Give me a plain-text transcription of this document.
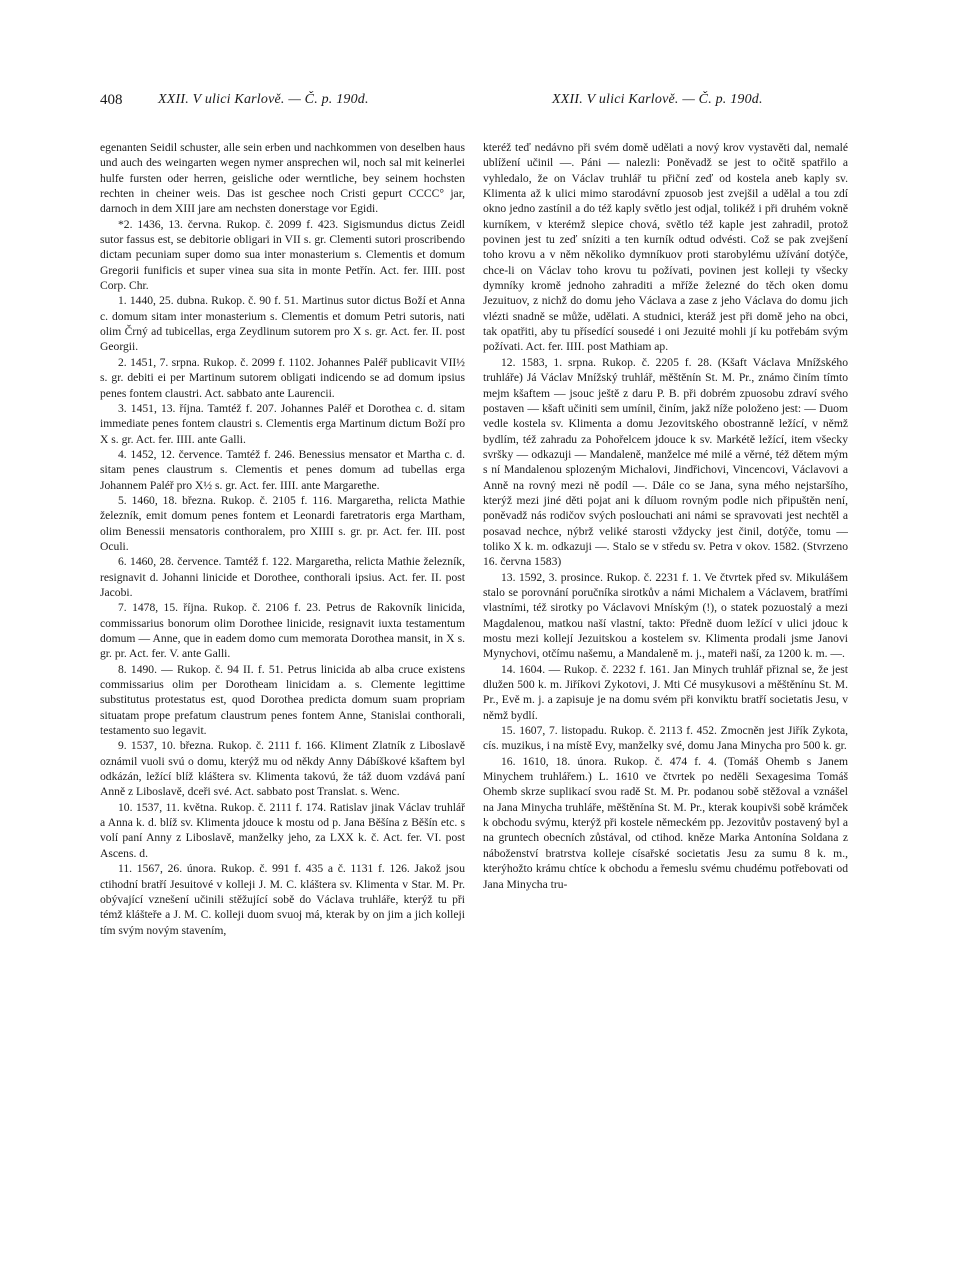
408	XXII. V ulici Karlově. — Č. p. 190d.	XXII. V ulici Karlově. — Č. p. 190d.

egenanten Seidil schuster, alle sein erben und nachkommen von deselben haus und auch des weingarten wegen nymer ansprechen wil, noch sal mit keinerlei hulfe fursten oder herren, geisliche oder werntliche, bey seinem hochsten rechten in cheiner weis. Das ist geschee noch Cristi gepurt CCCC° jar, darnoch in dem XIII jare am nechsten donerstage vor Egidi.

*2. 1436, 13. června. Rukop. č. 2099 f. 423. Sigismundus dictus Zeidl sutor fassus est, se debitorie obligari in VII s. gr. Clementi sutori proscribendo dictam pecuniam super domo sua inter monasterium s. Clementis et domum Gregorii funificis et super vinea sua sita in monte Petřín. Act. fer. IIII. post Corp. Chr.

1. 1440, 25. dubna. Rukop. č. 90 f. 51. Martinus sutor dictus Boží et Anna c. domum sitam inter monasterium s. Clementis et domum Petri sutoris, nati olim Črný ad tubicellas, erga Zeydlinum sutorem pro X s. gr. Act. fer. II. post Georgii.

2. 1451, 7. srpna. Rukop. č. 2099 f. 1102. Johannes Paléř publicavit VII½ s. gr. debiti ei per Martinum sutorem obligati indicendo se ad domum ipsius penes fontem claustri. Act. sabbato ante Laurencii.

3. 1451, 13. října. Tamtéž f. 207. Johannes Paléř et Dorothea c. d. sitam immediate penes fontem claustri s. Clementis erga Martinum dictum Boží pro X s. gr. Act. fer. IIII. ante Galli.

4. 1452, 12. července. Tamtéž f. 246. Benessius mensator et Martha c. d. sitam penes claustrum s. Clementis et penes domum ad tubellas erga Johannem Paléř pro X½ s. gr. Act. fer. IIII. ante Margarethe.

5. 1460, 18. března. Rukop. č. 2105 f. 116. Margaretha, relicta Mathie železník, emit domum penes fontem et Leonardi faretratoris erga Martham, olim Benessii mensatoris conthoralem, pro XIIII s. gr. pr. Act. fer. III. post Oculi.

6. 1460, 28. července. Tamtéž f. 122. Margaretha, relicta Mathie železník, resignavit d. Johanni linicide et Dorothee, conthorali ipsius. Act. fer. II. post Jacobi.

7. 1478, 15. října. Rukop. č. 2106 f. 23. Petrus de Rakovník linicida, commissarius bonorum olim Dorothee linicide, resignavit iuxta testamentum domum — Anne, que in eadem domo cum memorata Dorothea mansit, in X s. gr. pr. Act. fer. V. ante Galli.

8. 1490. — Rukop. č. 94 II. f. 51. Petrus linicida ab alba cruce existens commissarius olim per Dorotheam linicidam a. s. Clemente legittime substitutus protestatus est, quod Dorothea predicta domum suam propriam situatam prope prefatum claustrum penes fontem Anne, Stanislai conthorali, testamento suo legavit.

9. 1537, 10. března. Rukop. č. 2111 f. 166. Kliment Zlatník z Liboslavě oznámil vuoli svú o domu, kterýž mu od někdy Anny Dábíškové kšaftem byl odkázán, ležící blíž kláštera sv. Klimenta takovú, že táž duom vzdává paní Anně z Liboslavě, dceři své. Act. sabbato post Translat. s. Wenc.

10. 1537, 11. května. Rukop. č. 2111 f. 174. Ratislav jinak Václav truhlář a Anna k. d. blíž sv. Klimenta jdouce k mostu od p. Jana Běšína z Běšín etc. s volí paní Anny z Liboslavě, manželky jeho, za LXX k. č. Act. fer. VI. post Ascens. d.

11. 1567, 26. února. Rukop. č. 991 f. 435 a č. 1131 f. 126. Jakož jsou ctihodní bratří Jesuitové v kolleji J. M. C. kláštera sv. Klimenta v Star. M. Pr. obývající vznešení učinili stěžující sobě do Václava truhláře, kterýž tu při témž klášteře a J. M. C. kolleji duom svuoj má, kterak by on jim a jich kolleji tím svým novým stavením,

kteréž teď nedávno při svém domě udělati a nový krov vystavěti dal, nemalé ublížení učinil —. Páni — nalezli: Poněvadž se jest to očitě spatřilo a vyhledalo, že on Václav truhlář tu přiční zeď od kostela aneb kaply sv. Klimenta až k ulici mimo starodávní zpuosob jest zvejšil a udělal a tou zdí okno jedno zastínil a do též kaply světlo jest odjal, tolikéž i při druhém vokně kurníkem, v kterémž slepice chová, světlo též kaple jest zahradil, protož povinen jest tu zeď sníziti a ten kurník odtud odvésti. Což se pak zvejšení toho krovu a v něm několiko dymníkuov proti starobylému užívání dotýče, chce-li on Václav toho krovu tu požívati, povinen jest kolleji ty všecky dymníky kromě jednoho zahraditi a mříže železné do těch oken domu Jezuituov, z nichž do domu jeho Václava a zase z jeho Václava do domu jich vlézti snadně se může, udělati. A studnici, kteráž jest při domě jeho na obci, tak opatřiti, aby tu přísedící sousedé i oni Jezuité mohli jí ku potřebám svým požívati. Act. fer. IIII. post Mathiam ap.

12. 1583, 1. srpna. Rukop. č. 2205 f. 28. (Kšaft Václava Mnížského truhláře) Já Václav Mnížský truhlář, měštěnín St. M. Pr., známo činím tímto mejm kšaftem — jsouc ještě z daru P. B. při dobrém zpuosobu zdraví svého postaven — kšaft učiniti sem umínil, činím, jakž níže položeno jest: — Duom vedle kostela sv. Klimenta a domu Jezovitského obostranně ležící, v němž bydlím, též zahradu za Pohořelcem jdouce k sv. Markétě ležící, item všecky svršky — odkazuji — Mandaleně, manželce mé milé a věrné, též dětem mým s ní Mandalenou splozeným Michalovi, Jindřichovi, Vincencovi, Václavovi a Anně na rovný mezi ně podíl —. Dále co se Jana, syna mého nejstaršího, kterýž mezi jiné děti pojat ani k díluom rovným podle nich připuštěn není, poněvadž nás rodičov svých poslouchati ani námi se spravovati jest nechtěl a posavad nechce, nýbrž veliké starosti vždycky jest činil, dotýče, tomu — toliko X k. m. odkazuji —. Stalo se v středu sv. Petra v okov. 1582. (Stvrzeno 16. června 1583)

13. 1592, 3. prosince. Rukop. č. 2231 f. 1. Ve čtvrtek před sv. Mikulášem stalo se porovnání poručníka sirotkův a námi Michalem a Václavem, bratřími vlastními, též sirotky po Václavovi Mníským (!), o statek pozuostalý a mezi Magdalenou, matkou naší vlastní, takto: Předně duom ležící v ulici jdouc k mostu mezi kollejí Jezuitskou a kostelem sv. Klimenta prodali jsme Janovi Mynychovi, otčímu našemu, a Mandaleně m. j., mateři naší, za 1200 k. m. —.

14. 1604. — Rukop. č. 2232 f. 161. Jan Minych truhlář přiznal se, že jest dlužen 500 k. m. Jiříkovi Zykotovi, J. Mti Cé musykusovi a měštěnínu St. M. Pr., Evě m. j. a zapisuje je na domu svém při konviktu bratří societatis Jesu, v němž bydlí.

15. 1607, 7. listopadu. Rukop. č. 2113 f. 452. Zmocněn jest Jiřík Zykota, cís. muzikus, i na místě Evy, manželky své, domu Jana Minycha pro 500 k. gr.

16. 1610, 18. února. Rukop. č. 474 f. 4. (Tomáš Ohemb s Janem Minychem truhlářem.) L. 1610 ve čtvrtek po neděli Sexagesima Tomáš Ohemb skrze suplikací svou radě St. M. Pr. podanou sobě stěžoval a vznášel na Jana Minycha truhláře, měštěnína St. M. Pr., kterak koupivši sobě krámček k obchodu svýmu, kterýž při kostele německém pp. Jezovitův postavený byl a na gruntech obecních zůstával, od ctihod. kněze Marka Antonína Soldana z náboženství bratrstva kolleje císařské societatis Jesu za sumu 8 k. m., kterýhožto krámu chtíce k obchodu a řemeslu svému chudému potřebovati od Jana Minycha tru-
